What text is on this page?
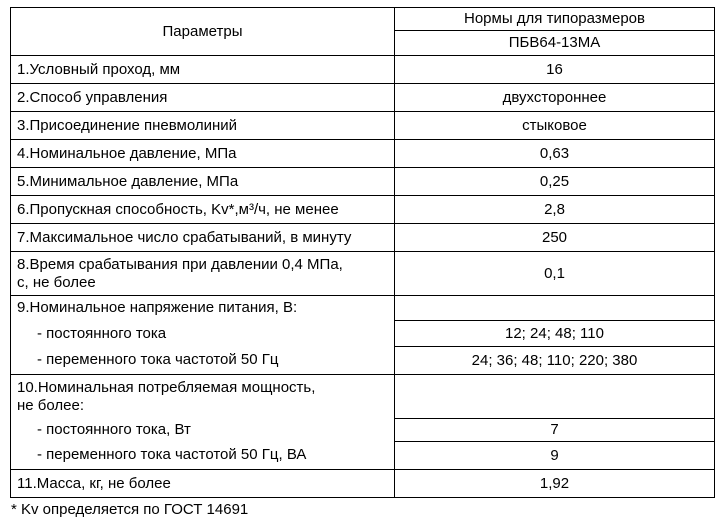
Параметры	Нормы для типоразмеров
	ПБВ64-13МА
1.Условный проход, мм	16
2.Способ управления	двухстороннее
3.Присоединение пневмолиний	стыковое
4.Номинальное давление, МПа	0,63
5.Минимальное давление, МПа	0,25
6.Пропускная способность, Kv*,м³/ч, не менее	2,8
7.Максимальное число срабатываний, в минуту	250

8.Время срабатывания при давлении 0,4 МПа,
с, не более	0,1
9.Номинальное напряжение питания, В:	
- постоянного тока	12; 24; 48; 110
- переменного тока частотой 50 Гц	24; 36; 48; 110; 220; 380

10.Номинальная потребляемая мощность,
не более:	

- постоянного тока, Вт	7
- переменного тока частотой 50 Гц, ВА	9
11.Масса, кг, не более	1,92
* Kv определяется по ГОСТ 14691
